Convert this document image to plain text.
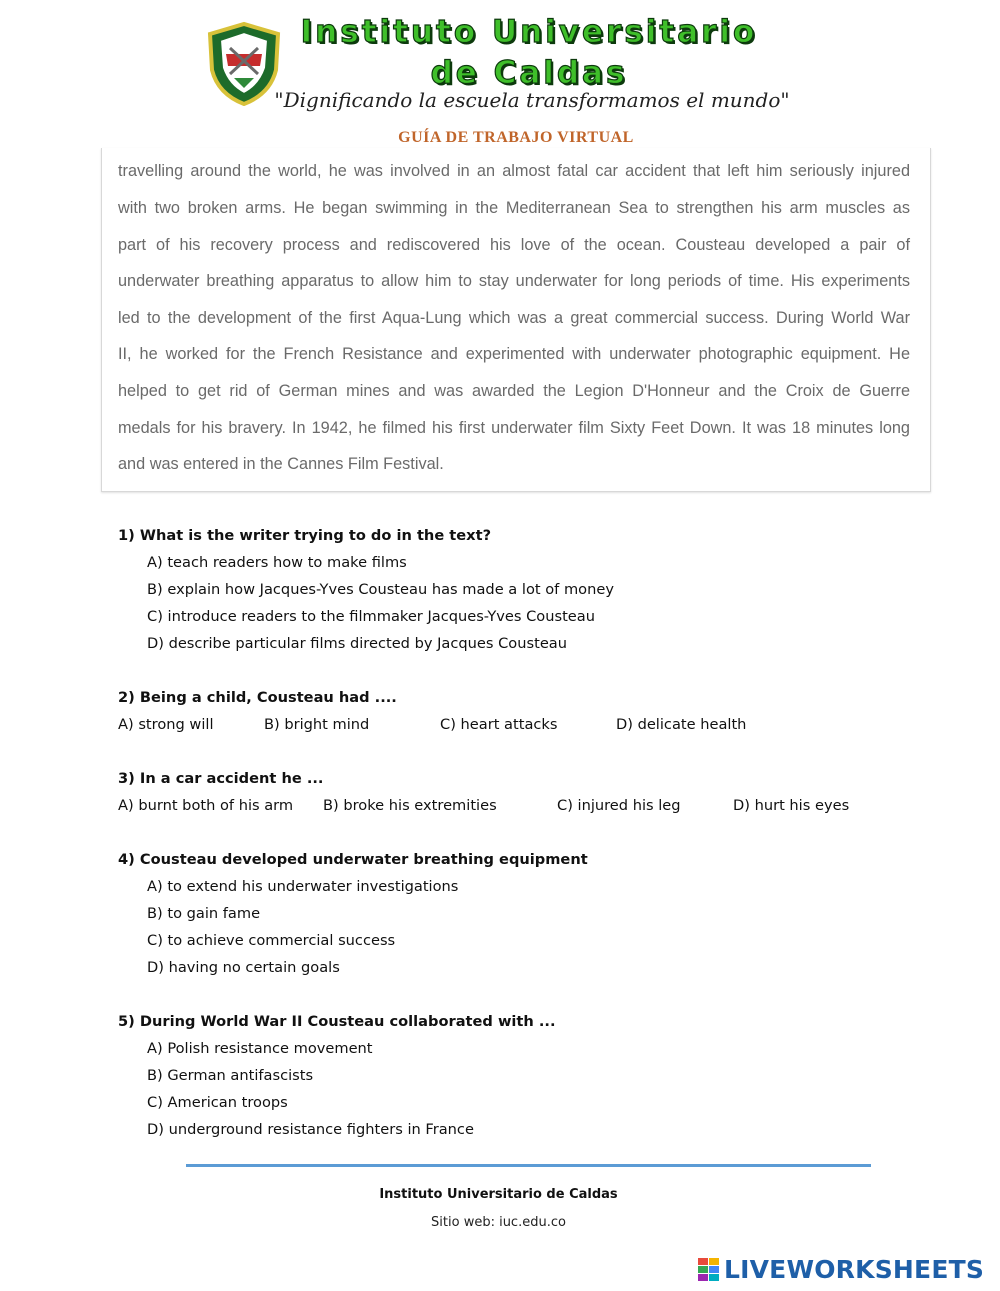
Instituto Universitario
de Caldas
"Dignificando la escuela transformamos el mundo"
GUÍA DE TRABAJO VIRTUAL
travelling around the world, he was involved in an almost fatal car accident that left him seriously injured
with two broken arms. He began swimming in the Mediterranean Sea to strengthen his arm muscles as
part of his recovery process and rediscovered his love of the ocean. Cousteau developed a pair of
underwater breathing apparatus to allow him to stay underwater for long periods of time. His experiments
led to the development of the first Aqua-Lung which was a great commercial success. During World War
II, he worked for the French Resistance and experimented with underwater photographic equipment. He
helped to get rid of German mines and was awarded the Legion D'Honneur and the Croix de Guerre
medals for his bravery. In 1942, he filmed his first underwater film Sixty Feet Down. It was 18 minutes long
and was entered in the Cannes Film Festival.
1) What is the writer trying to do in the text?
A) teach readers how to make films
B) explain how Jacques-Yves Cousteau has made a lot of money
C) introduce readers to the filmmaker Jacques-Yves Cousteau
D) describe particular films directed by Jacques Cousteau
2) Being a child, Cousteau had ....
A) strong will	B) bright mind	C) heart attacks	D) delicate health
3) In a car accident he ...
A) burnt both of his arm B) broke his extremities	C) injured his leg	D) hurt his eyes
4) Cousteau developed underwater breathing equipment
A) to extend his underwater investigations
B) to gain fame
C) to achieve commercial success
D) having no certain goals
5) During World War II Cousteau collaborated with ...
A) Polish resistance movement
B) German antifascists
C) American troops
D) underground resistance fighters in France
Instituto Universitario de Caldas
Sitio web: iuc.edu.co
LIVEWORKSHEETS
